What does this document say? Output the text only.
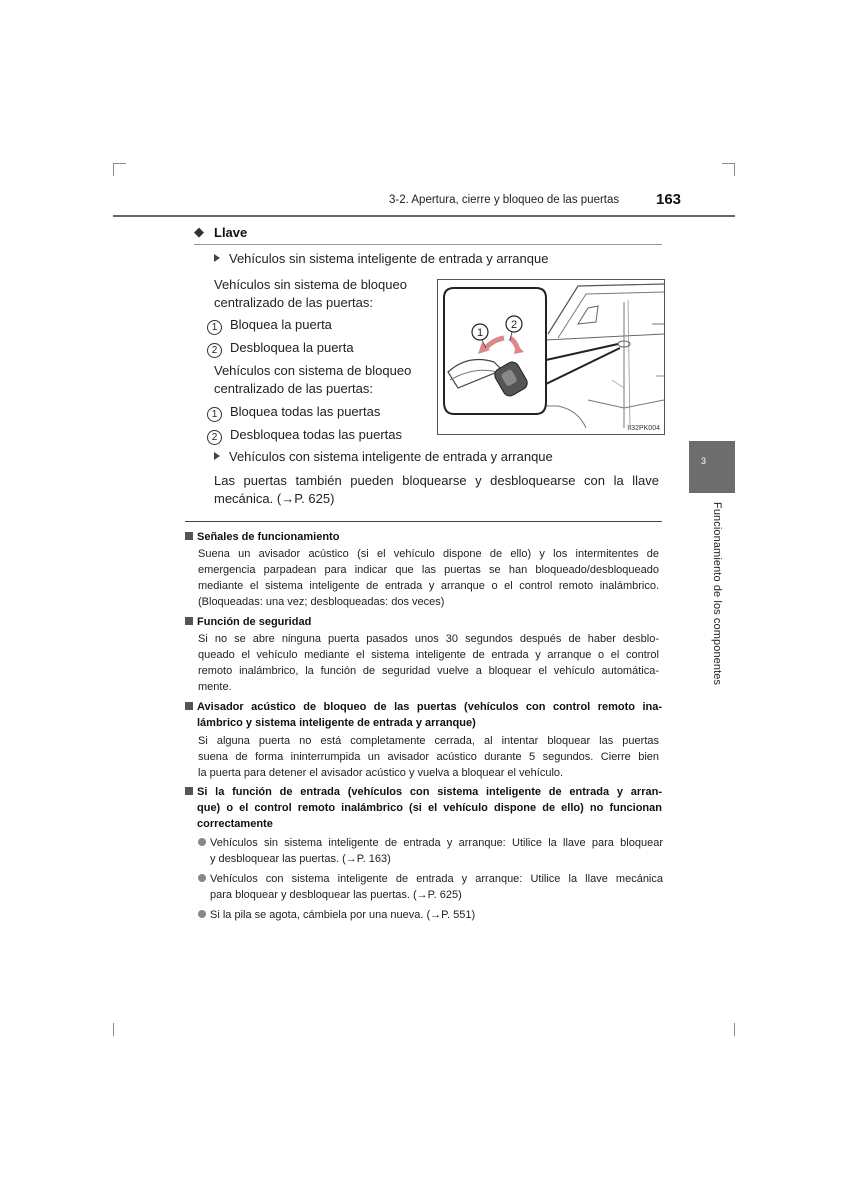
3-2. Apertura, cierre y bloqueo de las puertas 163
3
Funcionamiento de los componentes
◆ Llave
Vehículos sin sistema inteligente de entrada y arranque
Vehículos sin sistema de bloqueo
centralizado de las puertas:
1 Bloquea la puerta
2 Desbloquea la puerta
Vehículos con sistema de bloqueo
centralizado de las puertas:
1 Bloquea todas las puertas
2 Desbloquea todas las puertas
Vehículos con sistema inteligente de entrada y arranque
Las puertas también pueden bloquearse y desbloquearse con la llave
mecánica. (→P. 625)
1
2
II32PK004
Señales de funcionamiento
Suena un avisador acústico (si el vehículo dispone de ello) y los intermitentes de
emergencia parpadean para indicar que las puertas se han bloqueado/desbloqueado
mediante el sistema inteligente de entrada y arranque o el control remoto inalámbrico.
(Bloqueadas: una vez; desbloqueadas: dos veces)
Función de seguridad
Si no se abre ninguna puerta pasados unos 30 segundos después de haber desblo-
queado el vehículo mediante el sistema inteligente de entrada y arranque o el control
remoto inalámbrico, la función de seguridad vuelve a bloquear el vehículo automática-
mente.
Avisador acústico de bloqueo de las puertas (vehículos con control remoto ina-
lámbrico y sistema inteligente de entrada y arranque)
Si alguna puerta no está completamente cerrada, al intentar bloquear las puertas
suena de forma ininterrumpida un avisador acústico durante 5 segundos. Cierre bien
la puerta para detener el avisador acústico y vuelva a bloquear el vehículo.
Si la función de entrada (vehículos con sistema inteligente de entrada y arran-
que) o el control remoto inalámbrico (si el vehículo dispone de ello) no funcionan
correctamente
Vehículos sin sistema inteligente de entrada y arranque: Utilice la llave para bloquear
y desbloquear las puertas. (→P. 163)
Vehículos con sistema inteligente de entrada y arranque: Utilice la llave mecánica
para bloquear y desbloquear las puertas. (→P. 625)
Si la pila se agota, cámbiela por una nueva. (→P. 551)
